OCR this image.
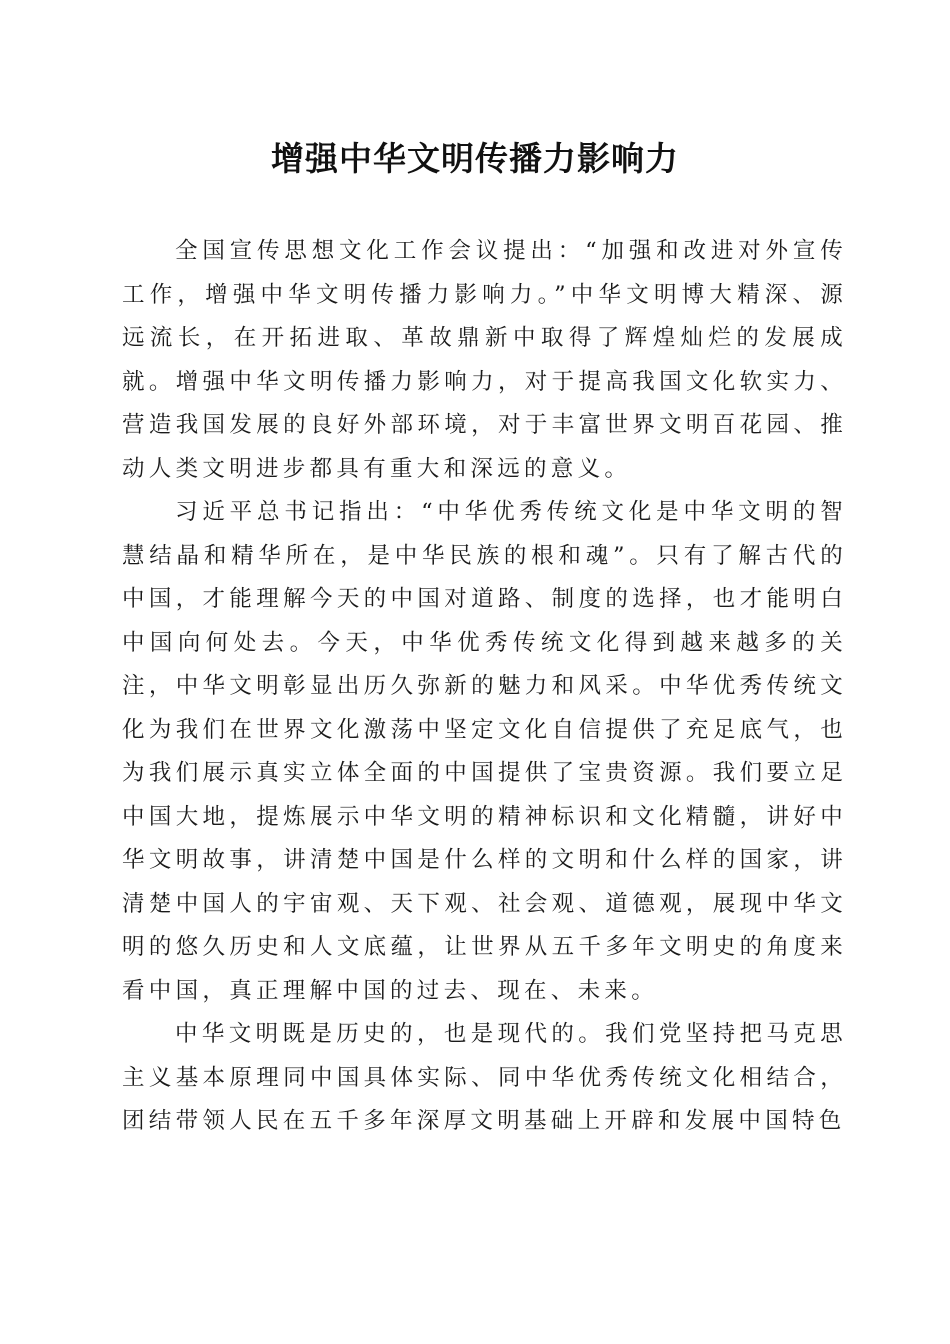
增强中华文明传播力影响力

全国宣传思想文化工作会议提出：“加强和改进对外宣传工作，增强中华文明传播力影响力。”中华文明博大精深、源远流长，在开拓进取、革故鼎新中取得了辉煌灿烂的发展成就。增强中华文明传播力影响力，对于提高我国文化软实力、营造我国发展的良好外部环境，对于丰富世界文明百花园、推动人类文明进步都具有重大和深远的意义。

习近平总书记指出：“中华优秀传统文化是中华文明的智慧结晶和精华所在，是中华民族的根和魂”。只有了解古代的中国，才能理解今天的中国对道路、制度的选择，也才能明白中国向何处去。今天，中华优秀传统文化得到越来越多的关注，中华文明彰显出历久弥新的魅力和风采。中华优秀传统文化为我们在世界文化激荡中坚定文化自信提供了充足底气，也为我们展示真实立体全面的中国提供了宝贵资源。我们要立足中国大地，提炼展示中华文明的精神标识和文化精髓，讲好中华文明故事，讲清楚中国是什么样的文明和什么样的国家，讲清楚中国人的宇宙观、天下观、社会观、道德观，展现中华文明的悠久历史和人文底蕴，让世界从五千多年文明史的角度来看中国，真正理解中国的过去、现在、未来。

中华文明既是历史的，也是现代的。我们党坚持把马克思主义基本原理同中国具体实际、同中华优秀传统文化相结合，团结带领人民在五千多年深厚文明基础上开辟和发展中国特色
